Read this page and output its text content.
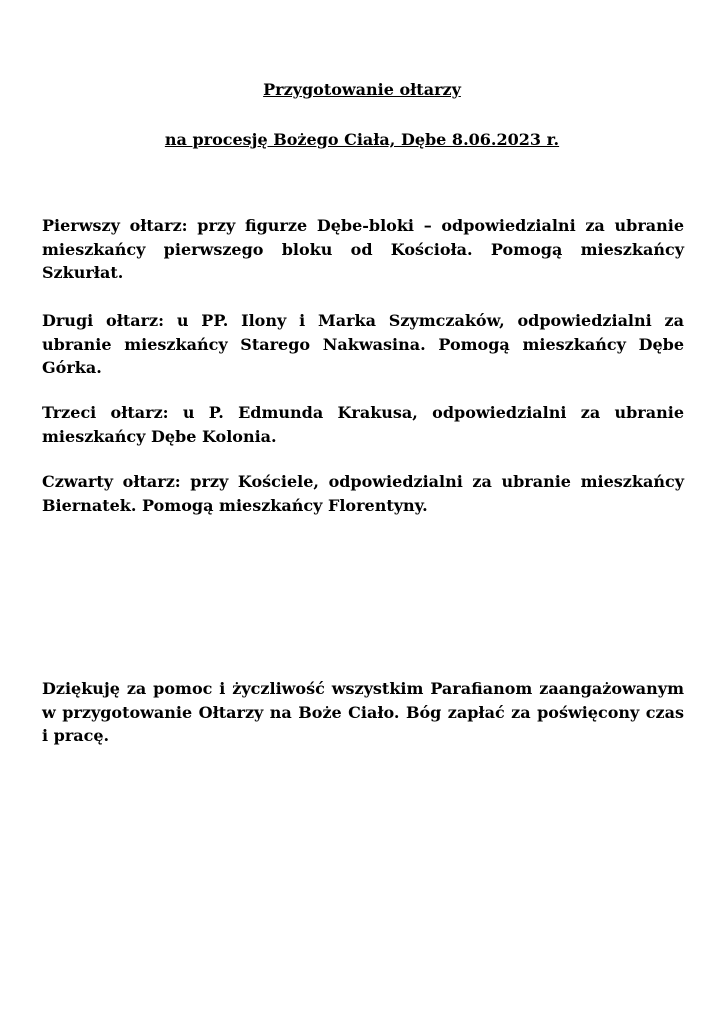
Przygotowanie ołtarzy
na procesję Bożego Ciała, Dębe 8.06.2023 r.

Pierwszy ołtarz: przy figurze Dębe-bloki – odpowiedzialni za ubranie mieszkańcy pierwszego bloku od Kościoła. Pomogą mieszkańcy Szkurłat.

Drugi ołtarz: u PP. Ilony i Marka Szymczaków, odpowiedzialni za ubranie mieszkańcy Starego Nakwasina. Pomogą mieszkańcy Dębe Górka.

Trzeci ołtarz: u P. Edmunda Krakusa, odpowiedzialni za ubranie mieszkańcy Dębe Kolonia.

Czwarty ołtarz: przy Kościele, odpowiedzialni za ubranie mieszkańcy Biernatek. Pomogą mieszkańcy Florentyny.

Dziękuję za pomoc i życzliwość wszystkim Parafianom zaangażowanym w przygotowanie Ołtarzy na Boże Ciało. Bóg zapłać za poświęcony czas i pracę.
